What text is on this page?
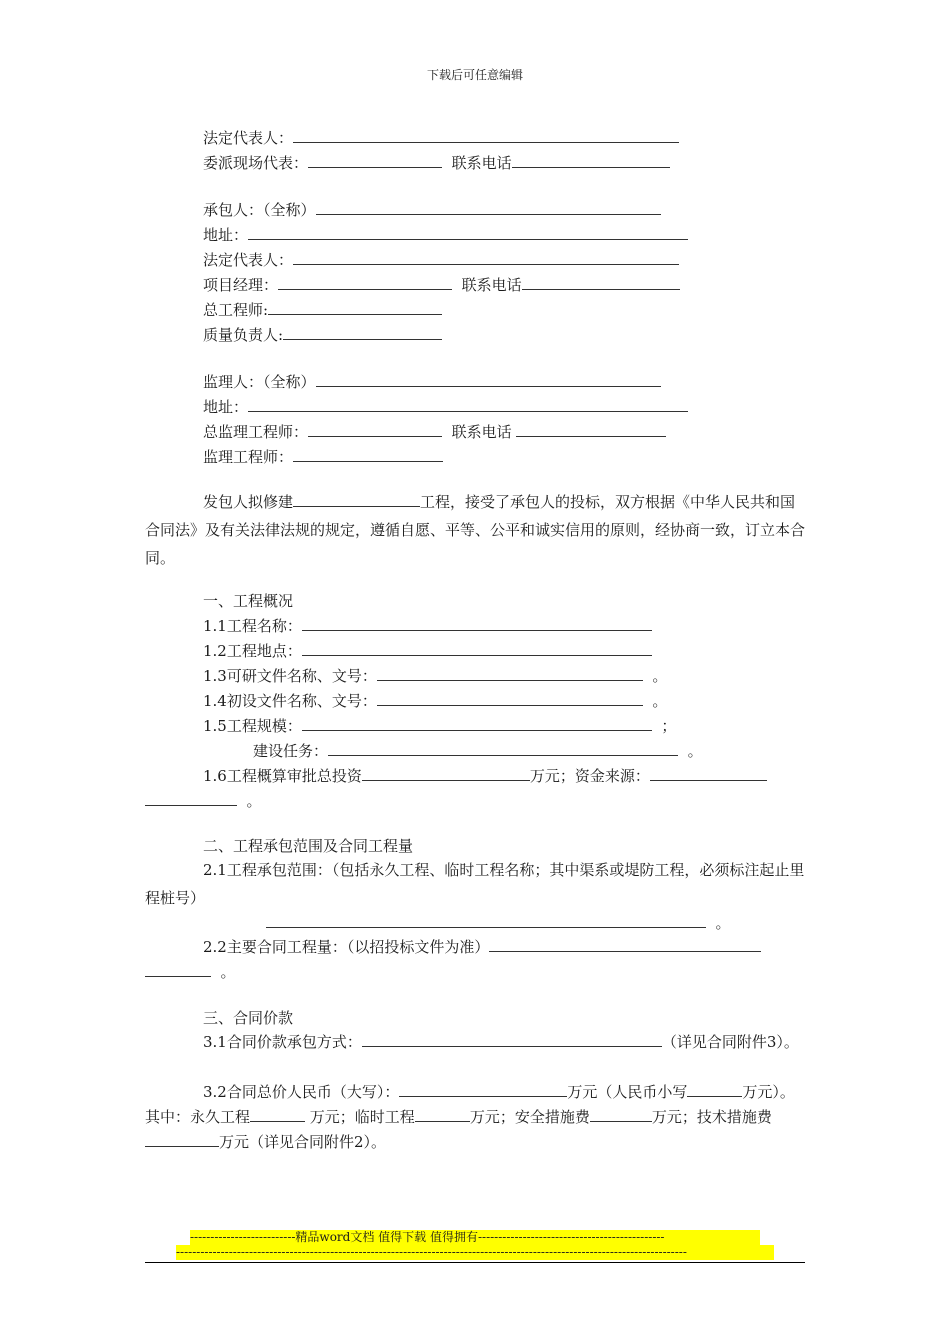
下载后可任意编辑
法定代表人：
委派现场代表：	联系电话
承包人：（全称）
地址：
法定代表人：
项目经理：	联系电话
总工程师:
质量负责人:
监理人：（全称）
地址：
总监理工程师：	联系电话
监理工程师：
发包人拟修建	工程，接受了承包人的投标，双方根据《中华人民共和国合同法》及有关法律法规的规定，遵循自愿、平等、公平和诚实信用的原则，经协商一致，订立本合同。
一、工程概况
1.1工程名称：
1.2工程地点：
1.3可研文件名称、文号：	。
1.4初设文件名称、文号：	。
1.5工程规模：	；
建设任务：	。
1.6工程概算审批总投资	万元；资金来源：
。
二、工程承包范围及合同工程量
2.1工程承包范围：（包括永久工程、临时工程名称；其中渠系或堤防工程，必须标注起止里程桩号）
。
2.2主要合同工程量：（以招投标文件为准）
。
三、合同价款
3.1合同价款承包方式：	（详见合同附件3）。
3.2合同总价人民币（大写）：	万元（人民币小写	万元）。其中：永久工程	万元；临时工程	万元；安全措施费	万元；技术措施费万元（详见合同附件2）。
--------------------------精品word文档 值得下载 值得拥有----------------------------------------------
------------------------------------------------------------------------------------------------------------------------------
